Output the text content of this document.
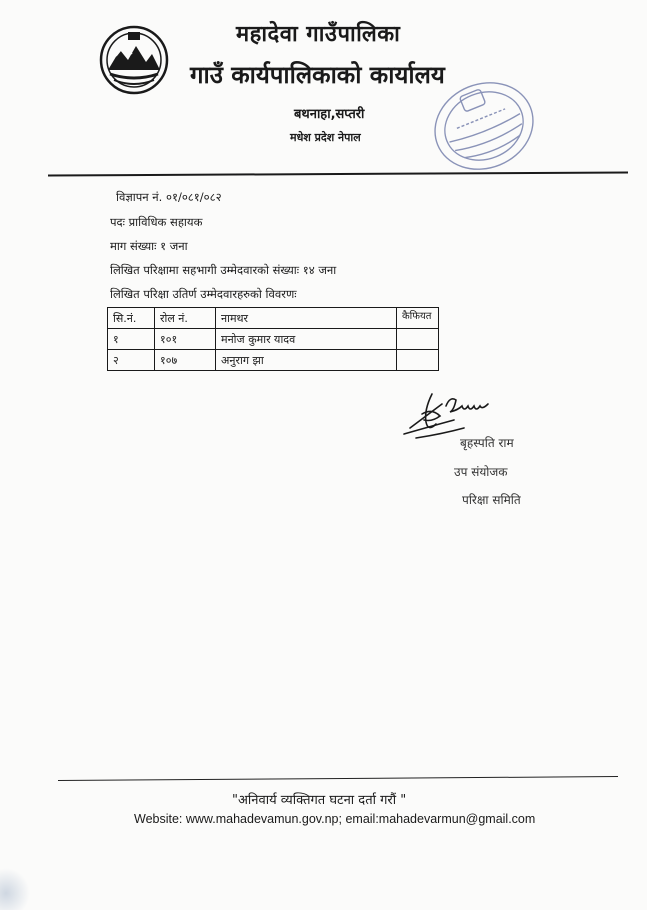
महादेवा गाउँपालिका
गाउँ कार्यपालिकाको कार्यालय
बथनाहा,सप्तरी
मधेश प्रदेश नेपाल
विज्ञापन नं. ०१/०८१/०८२
पदः प्राविधिक सहायक
माग संख्याः १ जना
लिखित परिक्षामा सहभागी उम्मेदवारको संख्याः १४ जना
लिखित परिक्षा उतिर्ण उम्मेदवारहरुको विवरणः
सि.नं.	रोल नं.	नामथर	कैफियत
१	१०१	मनोज कुमार यादव	
२	१०७	अनुराग झा	
बृहस्पति राम
उप संयोजक
परिक्षा समिति
"अनिवार्य व्यक्तिगत घटना दर्ता गरौं "
Website: www.mahadevamun.gov.np; email:mahadevarmun@gmail.com
